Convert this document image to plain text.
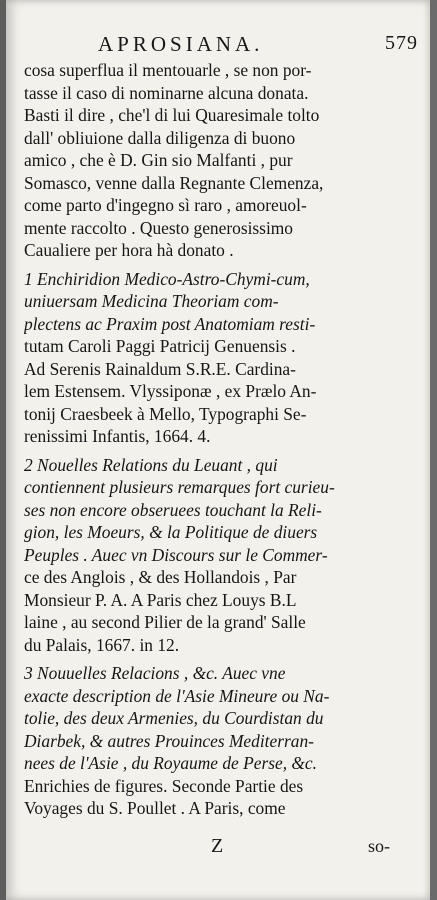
APROSIANA.	579
cosa superflua il mentouarle , se non por-
tasse il caso di nominarne alcuna donata.
Basti il dire , che'l di lui Quaresimale tolto
dall' obliuione dalla diligenza di buono
amico , che è D. Gin sio Malfanti , pur
Somasco, venne dalla Regnante Clemenza,
come parto d'ingegno sì raro , amoreuol-
mente raccolto . Questo generosissimo
Caualiere per hora hà donato .
1 Enchiridion Medico-Astro-Chymi-cum,
uniuersam Medicina Theoriam com-
plectens ac Praxim post Anatomiam resti-
tutam Caroli Paggi Patricij Genuensis .
Ad Serenis Rainaldum S.R.E. Cardina-
lem Estensem. Vlyssiponæ , ex Prælo An-
tonij Craesbeek à Mello, Typographi Se-
renissimi Infantis, 1664. 4.
2 Nouelles Relations du Leuant , qui
contiennent plusieurs remarques fort curieu-
ses non encore obseruees touchant la Reli-
gion, les Moeurs, & la Politique de diuers
Peuples . Auec vn Discours sur le Commer-
ce des Anglois , & des Hollandois , Par
Monsieur P. A. A Paris chez Louys B.L
laine , au second Pilier de la grand' Salle
du Palais, 1667. in 12.
3 Nouuelles Relacions , &c. Auec vne
exacte description de l'Asie Mineure ou Na-
tolie, des deux Armenies, du Courdistan du
Diarbek, & autres Prouinces Mediterran-
nees de l'Asie , du Royaume de Perse, &c.
Enrichies de figures. Seconde Partie des
Voyages du S. Poullet . A Paris, come
Z	so-
